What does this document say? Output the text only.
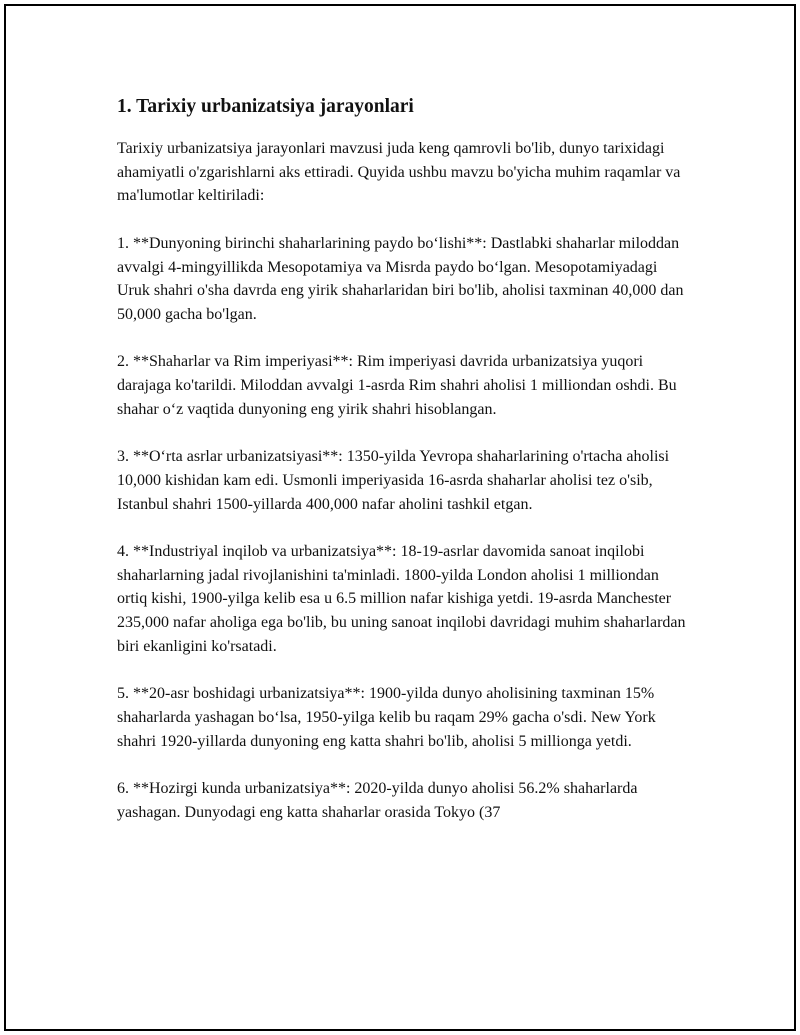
1. Tarixiy urbanizatsiya jarayonlari

Tarixiy urbanizatsiya jarayonlari mavzusi juda keng qamrovli bo'lib, dunyo tarixidagi ahamiyatli o'zgarishlarni aks ettiradi. Quyida ushbu mavzu bo'yicha muhim raqamlar va ma'lumotlar keltiriladi:

1. **Dunyoning birinchi shaharlarining paydo boʻlishi**: Dastlabki shaharlar miloddan avvalgi 4-mingyillikda Mesopotamiya va Misrda paydo boʻlgan. Mesopotamiyadagi Uruk shahri o'sha davrda eng yirik shaharlaridan biri bo'lib, aholisi taxminan 40,000 dan 50,000 gacha bo'lgan.

2. **Shaharlar va Rim imperiyasi**: Rim imperiyasi davrida urbanizatsiya yuqori darajaga ko'tarildi. Miloddan avvalgi 1-asrda Rim shahri aholisi 1 milliondan oshdi. Bu shahar oʻz vaqtida dunyoning eng yirik shahri hisoblangan.

3. **Oʻrta asrlar urbanizatsiyasi**: 1350-yilda Yevropa shaharlarining o'rtacha aholisi 10,000 kishidan kam edi. Usmonli imperiyasida 16-asrda shaharlar aholisi tez o'sib, Istanbul shahri 1500-yillarda 400,000 nafar aholini tashkil etgan.

4. **Industriyal inqilob va urbanizatsiya**: 18-19-asrlar davomida sanoat inqilobi shaharlarning jadal rivojlanishini ta'minladi. 1800-yilda London aholisi 1 milliondan ortiq kishi, 1900-yilga kelib esa u 6.5 million nafar kishiga yetdi. 19-asrda Manchester 235,000 nafar aholiga ega bo'lib, bu uning sanoat inqilobi davridagi muhim shaharlardan biri ekanligini ko'rsatadi.

5. **20-asr boshidagi urbanizatsiya**: 1900-yilda dunyo aholisining taxminan 15% shaharlarda yashagan boʻlsa, 1950-yilga kelib bu raqam 29% gacha o'sdi. New York shahri 1920-yillarda dunyoning eng katta shahri bo'lib, aholisi 5 millionga yetdi.

6. **Hozirgi kunda urbanizatsiya**: 2020-yilda dunyo aholisi 56.2% shaharlarda yashagan. Dunyodagi eng katta shaharlar orasida Tokyo (37
